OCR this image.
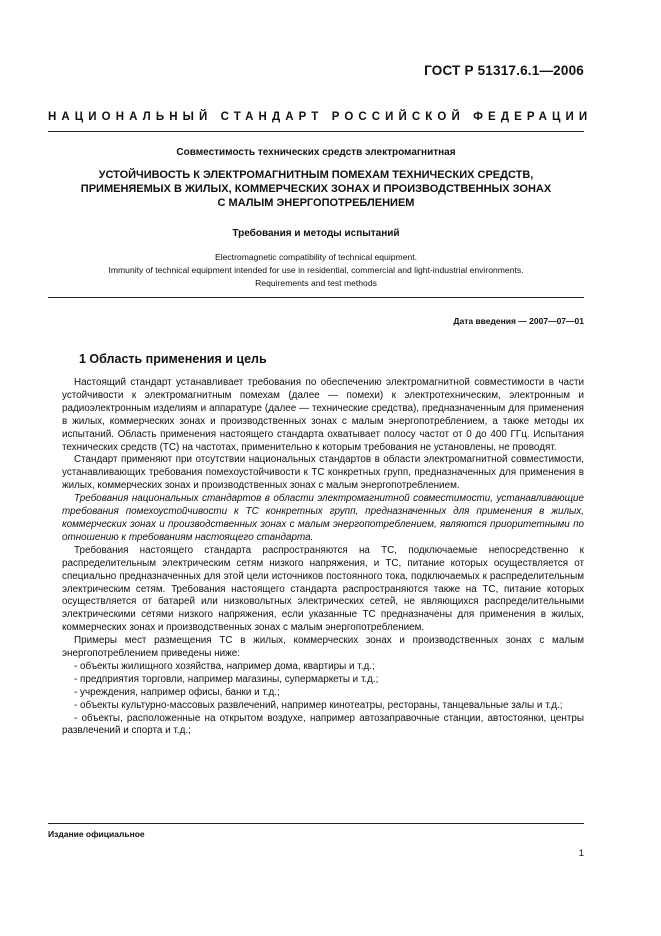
ГОСТ Р 51317.6.1—2006
НАЦИОНАЛЬНЫЙ СТАНДАРТ РОССИЙСКОЙ ФЕДЕРАЦИИ
Совместимость технических средств электромагнитная
УСТОЙЧИВОСТЬ К ЭЛЕКТРОМАГНИТНЫМ ПОМЕХАМ ТЕХНИЧЕСКИХ СРЕДСТВ,
ПРИМЕНЯЕМЫХ В ЖИЛЫХ, КОММЕРЧЕСКИХ ЗОНАХ И ПРОИЗВОДСТВЕННЫХ ЗОНАХ
С МАЛЫМ ЭНЕРГОПОТРЕБЛЕНИЕМ
Требования и методы испытаний
Electromagnetic compatibility of technical equipment.
Immunity of technical equipment intended for use in residential, commercial and light-industrial environments.
Requirements and test methods
Дата введения — 2007—07—01
1 Область применения и цель

Настоящий стандарт устанавливает требования по обеспечению электромагнитной совместимости в части устойчивости к электромагнитным помехам (далее — помехи) к электротехническим, электронным и радиоэлектронным изделиям и аппаратуре (далее — технические средства), предназначенным для применения в жилых, коммерческих зонах и производственных зонах с малым энергопотреблением, а также методы их испытаний. Область применения настоящего стандарта охватывает полосу частот от 0 до 400 ГГц. Испытания технических средств (ТС) на частотах, применительно к которым требования не установлены, не проводят.

Стандарт применяют при отсутствии национальных стандартов в области электромагнитной совместимости, устанавливающих требования помехоустойчивости к ТС конкретных групп, предназначенных для применения в жилых, коммерческих зонах и производственных зонах с малым энергопотреблением.

Требования национальных стандартов в области электромагнитной совместимости, устанавливающие требования помехоустойчивости к ТС конкретных групп, предназначенных для применения в жилых, коммерческих зонах и производственных зонах с малым энергопотреблением, являются приоритетными по отношению к требованиям настоящего стандарта.

Требования настоящего стандарта распространяются на ТС, подключаемые непосредственно к распределительным электрическим сетям низкого напряжения, и ТС, питание которых осуществляется от специально предназначенных для этой цели источников постоянного тока, подключаемых к распределительным электрическим сетям. Требования настоящего стандарта распространяются также на ТС, питание которых осуществляется от батарей или низковольтных электрических сетей, не являющихся распределительными электрическими сетями низкого напряжения, если указанные ТС предназначены для применения в жилых, коммерческих зонах и производственных зонах с малым энергопотреблением.

Примеры мест размещения ТС в жилых, коммерческих зонах и производственных зонах с малым энергопотреблением приведены ниже:

- объекты жилищного хозяйства, например дома, квартиры и т.д.;

- предприятия торговли, например магазины, супермаркеты и т.д.;

- учреждения, например офисы, банки и т.д.;

- объекты культурно-массовых развлечений, например кинотеатры, рестораны, танцевальные залы и т.д.;

- объекты, расположенные на открытом воздухе, например автозаправочные станции, автостоянки, центры развлечений и спорта и т.д.;

Издание официальное
1
